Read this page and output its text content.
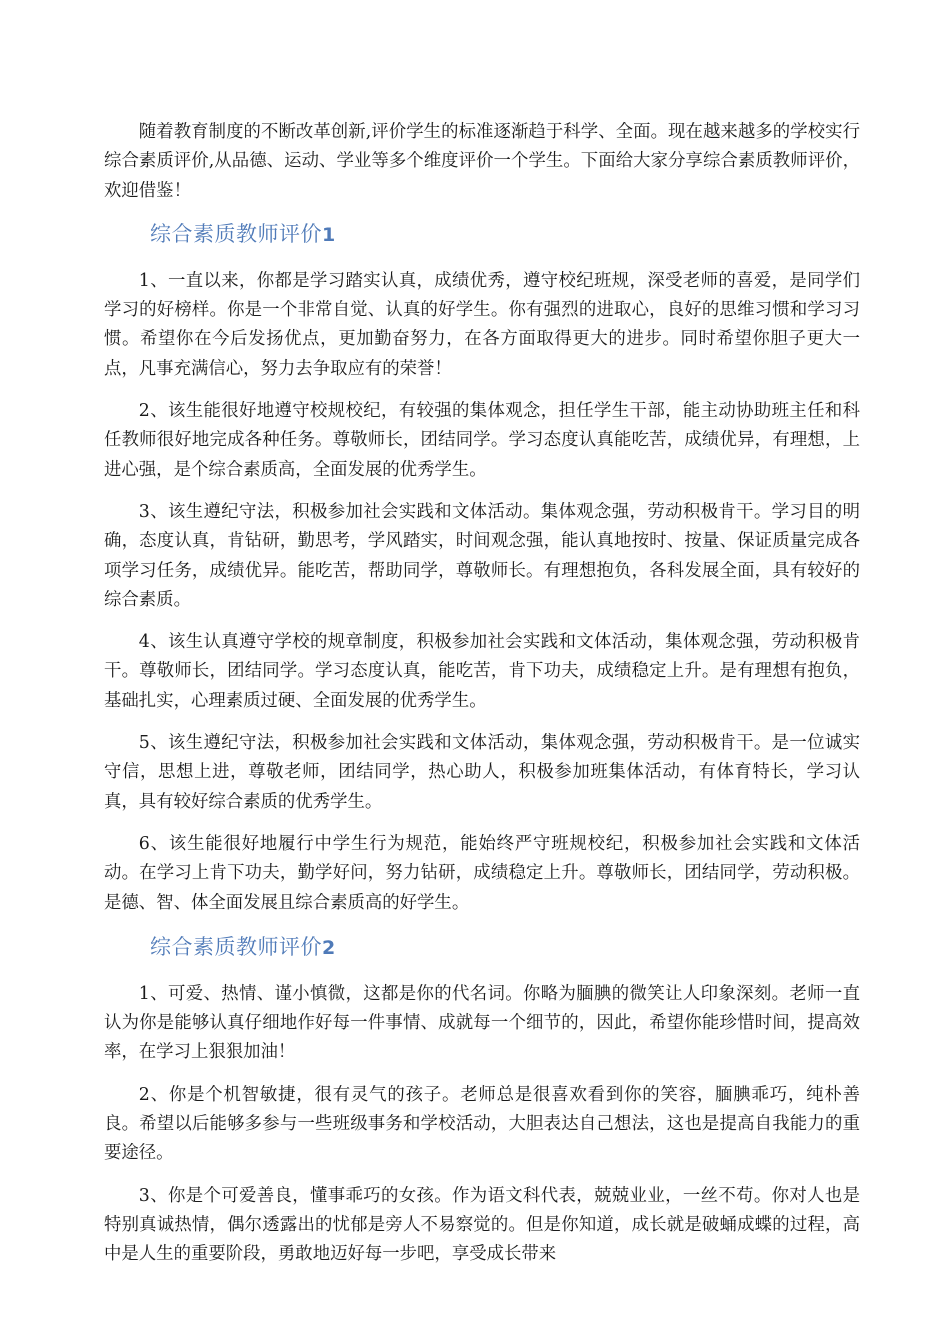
随着教育制度的不断改革创新,评价学生的标准逐渐趋于科学、全面。现在越来越多的学校实行综合素质评价,从品德、运动、学业等多个维度评价一个学生。下面给大家分享综合素质教师评价，欢迎借鉴！

综合素质教师评价1

1、一直以来，你都是学习踏实认真，成绩优秀，遵守校纪班规，深受老师的喜爱，是同学们学习的好榜样。你是一个非常自觉、认真的好学生。你有强烈的进取心，良好的思维习惯和学习习惯。希望你在今后发扬优点，更加勤奋努力，在各方面取得更大的进步。同时希望你胆子更大一点，凡事充满信心，努力去争取应有的荣誉！

2、该生能很好地遵守校规校纪，有较强的集体观念，担任学生干部，能主动协助班主任和科任教师很好地完成各种任务。尊敬师长，团结同学。学习态度认真能吃苦，成绩优异，有理想，上进心强，是个综合素质高，全面发展的优秀学生。

3、该生遵纪守法，积极参加社会实践和文体活动。集体观念强，劳动积极肯干。学习目的明确，态度认真，肯钻研，勤思考，学风踏实，时间观念强，能认真地按时、按量、保证质量完成各项学习任务，成绩优异。能吃苦，帮助同学，尊敬师长。有理想抱负，各科发展全面，具有较好的综合素质。

4、该生认真遵守学校的规章制度，积极参加社会实践和文体活动，集体观念强，劳动积极肯干。尊敬师长，团结同学。学习态度认真，能吃苦，肯下功夫，成绩稳定上升。是有理想有抱负，基础扎实，心理素质过硬、全面发展的优秀学生。

5、该生遵纪守法，积极参加社会实践和文体活动，集体观念强，劳动积极肯干。是一位诚实守信，思想上进，尊敬老师，团结同学，热心助人，积极参加班集体活动，有体育特长，学习认真，具有较好综合素质的优秀学生。

6、该生能很好地履行中学生行为规范，能始终严守班规校纪，积极参加社会实践和文体活动。在学习上肯下功夫，勤学好问，努力钻研，成绩稳定上升。尊敬师长，团结同学，劳动积极。是德、智、体全面发展且综合素质高的好学生。

综合素质教师评价2

1、可爱、热情、谨小慎微，这都是你的代名词。你略为腼腆的微笑让人印象深刻。老师一直认为你是能够认真仔细地作好每一件事情、成就每一个细节的，因此，希望你能珍惜时间，提高效率，在学习上狠狠加油！

2、你是个机智敏捷，很有灵气的孩子。老师总是很喜欢看到你的笑容，腼腆乖巧，纯朴善良。希望以后能够多参与一些班级事务和学校活动，大胆表达自己想法，这也是提高自我能力的重要途径。

3、你是个可爱善良，懂事乖巧的女孩。作为语文科代表，兢兢业业，一丝不苟。你对人也是特别真诚热情，偶尔透露出的忧郁是旁人不易察觉的。但是你知道，成长就是破蛹成蝶的过程，高中是人生的重要阶段，勇敢地迈好每一步吧，享受成长带来
